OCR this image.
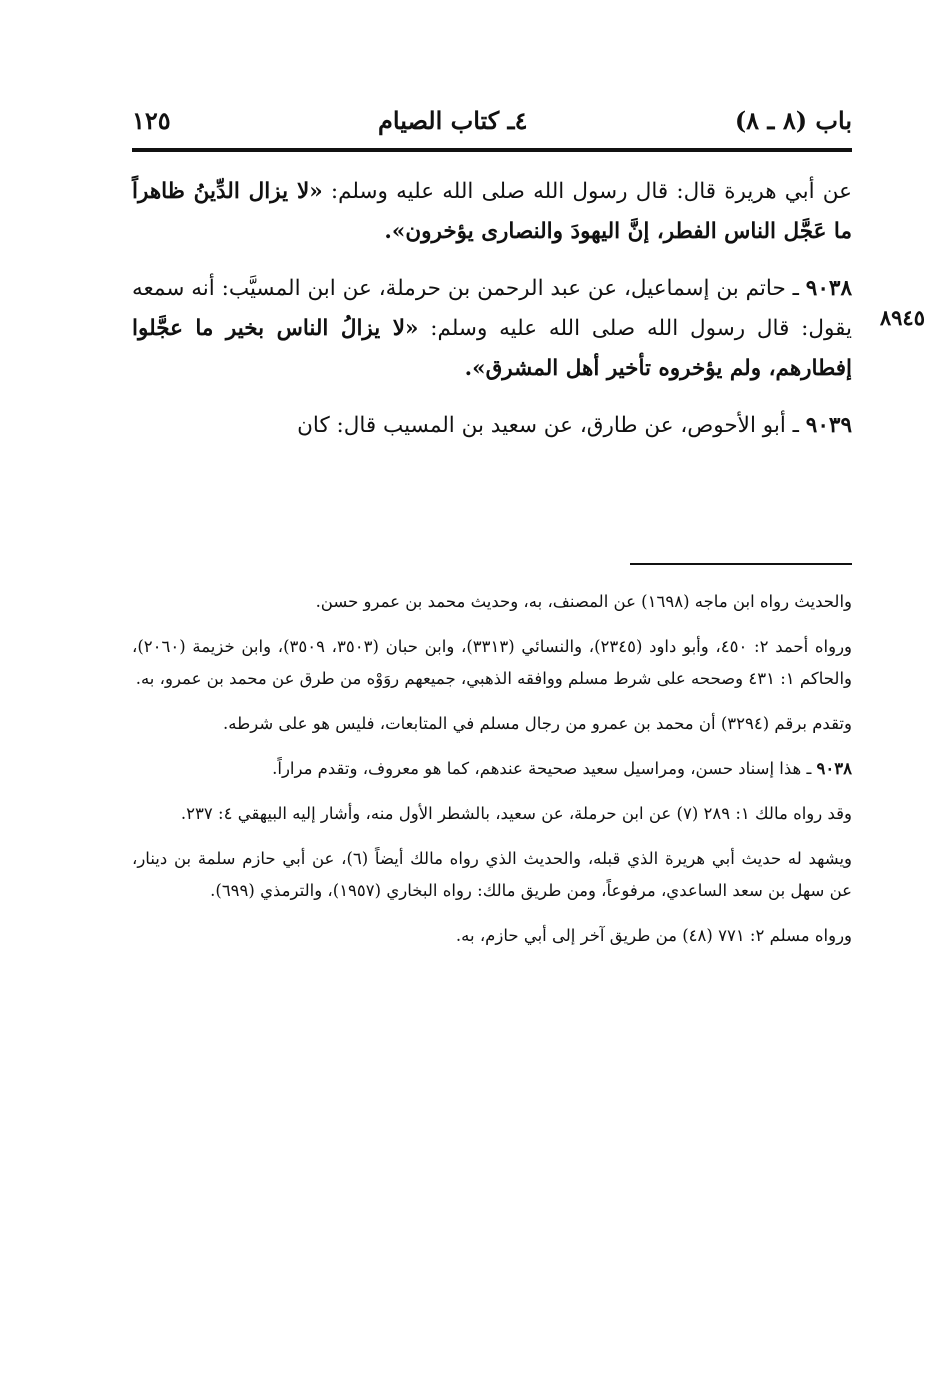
باب (٨ ـ ٨)
٤ـ كتاب الصيام
١٢٥
٨٩٤٥

عن أبي هريرة قال: قال رسول الله صلى الله عليه وسلم: «لا يزال الدِّينُ ظاهراً ما عَجَّل الناس الفطر، إنَّ اليهودَ والنصارى يؤخرون».

٩٠٣٨ ـ حاتم بن إسماعيل، عن عبد الرحمن بن حرملة، عن ابن المسيَّب: أنه سمعه يقول: قال رسول الله صلى الله عليه وسلم: «لا يزالُ الناس بخير ما عجَّلوا إفطارهم، ولم يؤخروه تأخير أهل المشرق».

٩٠٣٩ ـ أبو الأحوص، عن طارق، عن سعيد بن المسيب قال: كان

والحديث رواه ابن ماجه (١٦٩٨) عن المصنف، به، وحديث محمد بن عمرو حسن.

ورواه أحمد ٢: ٤٥٠، وأبو داود (٢٣٤٥)، والنسائي (٣٣١٣)، وابن حبان (٣٥٠٣، ٣٥٠٩)، وابن خزيمة (٢٠٦٠)، والحاكم ١: ٤٣١ وصححه على شرط مسلم ووافقه الذهبي، جميعهم روَوْه من طرق عن محمد بن عمرو، به.

وتقدم برقم (٣٢٩٤) أن محمد بن عمرو من رجال مسلم في المتابعات، فليس هو على شرطه.

٩٠٣٨ ـ هذا إسناد حسن، ومراسيل سعيد صحيحة عندهم، كما هو معروف، وتقدم مراراً.

وقد رواه مالك ١: ٢٨٩ (٧) عن ابن حرملة، عن سعيد، بالشطر الأول منه، وأشار إليه البيهقي ٤: ٢٣٧.

ويشهد له حديث أبي هريرة الذي قبله، والحديث الذي رواه مالك أيضاً (٦)، عن أبي حازم سلمة بن دينار، عن سهل بن سعد الساعدي، مرفوعاً، ومن طريق مالك: رواه البخاري (١٩٥٧)، والترمذي (٦٩٩).

ورواه مسلم ٢: ٧٧١ (٤٨) من طريق آخر إلى أبي حازم، به.
